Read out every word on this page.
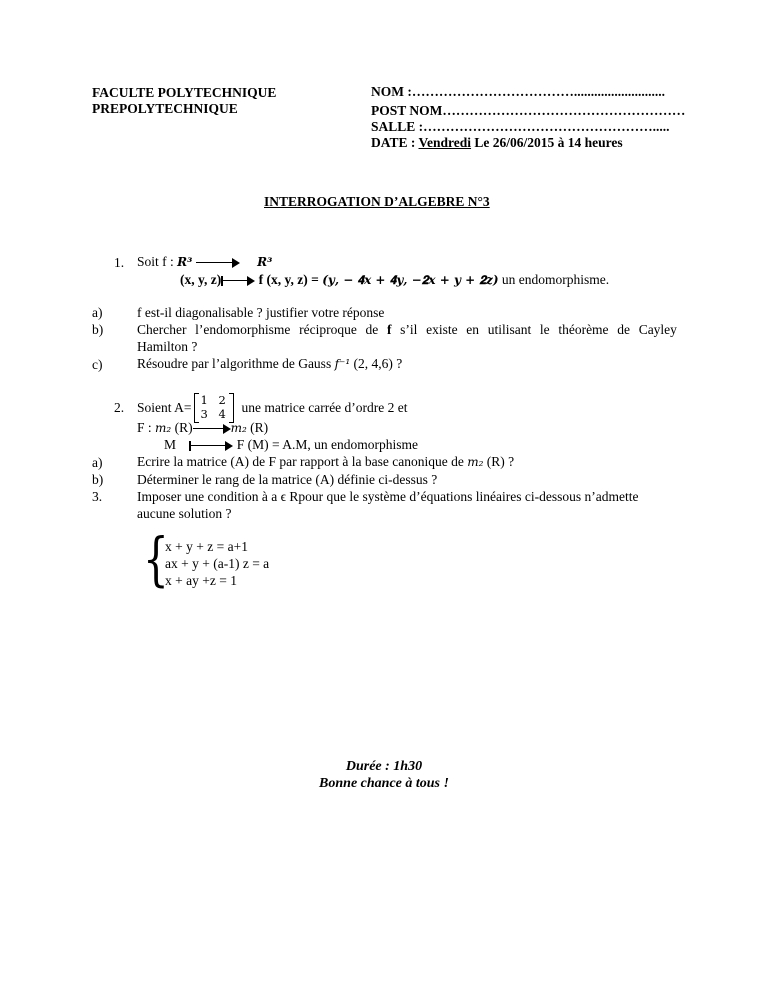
FACULTE POLYTECHNIQUE
PREPOLYTECHNIQUE
NOM :………………………………...........................
POST NOM………………………………………………
SALLE :…………………………………………….....
DATE : Vendredi Le 26/06/2015 à 14 heures
INTERROGATION D’ALGEBRE N°3
1. Soit f : 𝑹³	𝑹³
(x, y, z)	f (x, y, z) = (𝒚, − 𝟒𝒙 + 𝟒𝒚, −𝟐𝒙 + 𝒚 + 𝟐𝒛) un endomorphisme.
a)	f est-il diagonalisable ? justifier votre réponse
b)	Chercher l’endomorphisme réciproque de f s’il existe en utilisant le théorème de Cayley
Hamilton ?
c)	Résoudre par l’algorithme de Gauss 𝑓⁻¹ (2, 4,6) ?
2. Soient A= 1 2
3 4 une matrice carrée d’ordre 2 et
F : 𝑚₂ (R)	𝑚₂ (R)
M	F (M) = A.M, un endomorphisme
a)	Ecrire la matrice (A) de F par rapport à la base canonique de 𝑚₂ (R) ?
b)	Déterminer le rang de la matrice (A) définie ci-dessus ?
3.	Imposer une condition à a ϵ Rpour que le système d’équations linéaires ci-dessous n’admette
aucune solution ?
{
x + y + z = a+1
ax + y + (a-1) z = a
x + ay +z = 1
Durée : 1h30
Bonne chance à tous !
